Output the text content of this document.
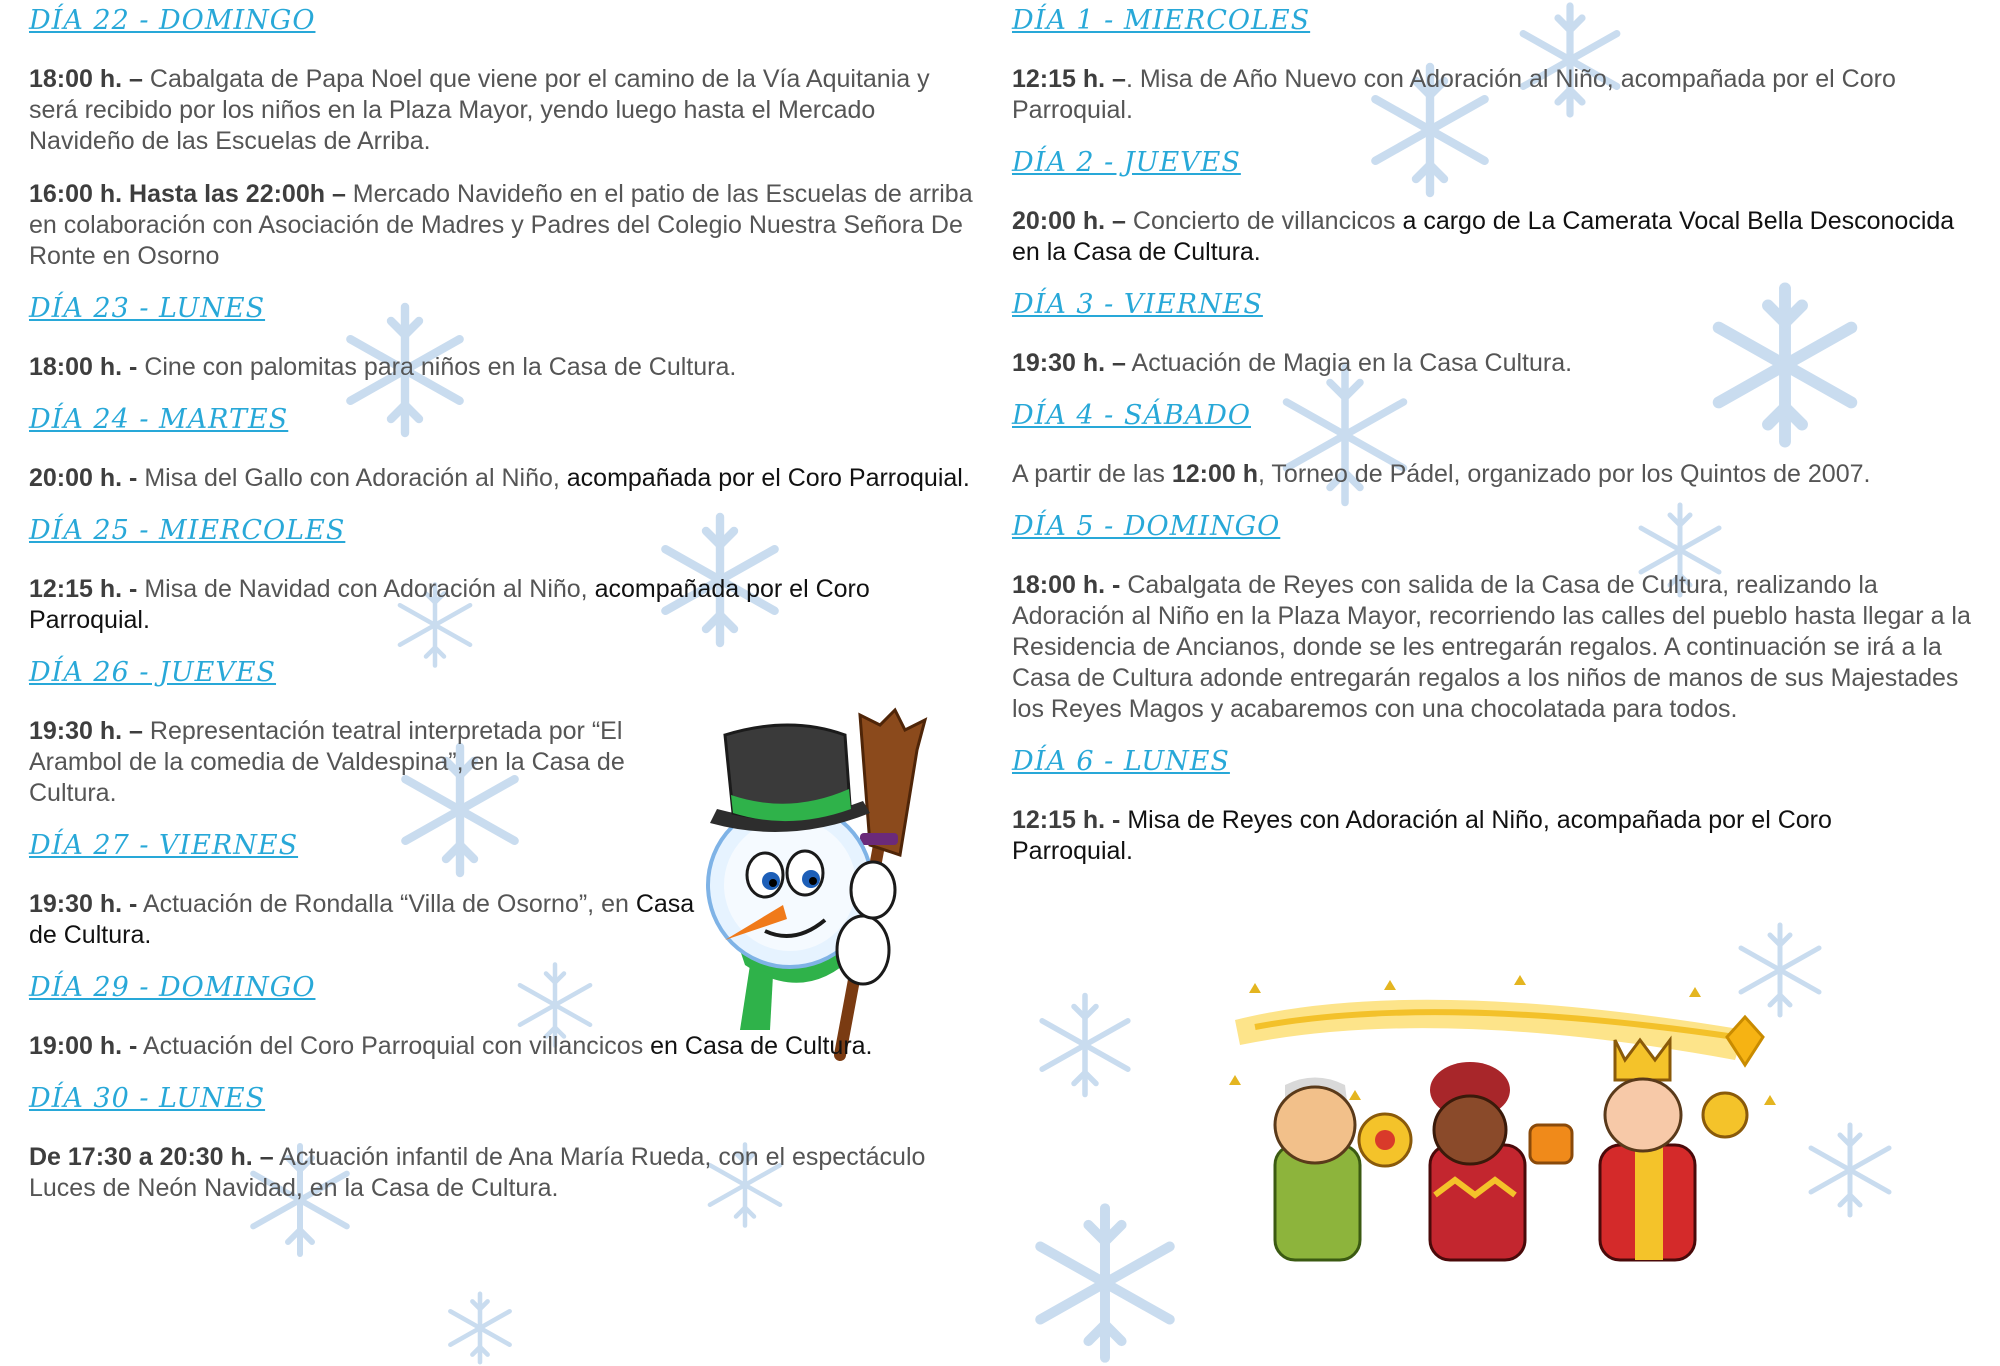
DÍA 22 - DOMINGO

18:00 h. – Cabalgata de Papa Noel que viene por el camino de la Vía Aquitania y será recibido por los niños en la Plaza Mayor, yendo luego hasta el Mercado Navideño de las Escuelas de Arriba.

16:00 h. Hasta las 22:00h – Mercado Navideño en el patio de las Escuelas de arriba en colaboración con Asociación de Madres y Padres del Colegio Nuestra Señora De Ronte en Osorno

DÍA 23 - LUNES

18:00 h. - Cine con palomitas para niños en la Casa de Cultura.

DÍA 24 - MARTES

20:00 h. - Misa del Gallo con Adoración al Niño, acompañada por el Coro Parroquial.

DÍA 25 - MIERCOLES

12:15 h. - Misa de Navidad con Adoración al Niño, acompañada por el Coro Parroquial.

DÍA 26 - JUEVES

19:30 h. – Representación teatral interpretada por “El Arambol de la comedia de Valdespina”, en la Casa de Cultura.

DÍA 27 - VIERNES

19:30 h. - Actuación de Rondalla “Villa de Osorno”, en Casa de Cultura.

DÍA 29 - DOMINGO

19:00 h. - Actuación del Coro Parroquial con villancicos en Casa de Cultura.

DÍA 30 - LUNES

De 17:30 a 20:30 h. – Actuación infantil de Ana María Rueda, con el espectáculo Luces de Neón Navidad, en la Casa de Cultura.

DÍA 1 - MIERCOLES

12:15 h. –. Misa de Año Nuevo con Adoración al Niño, acompañada por el Coro Parroquial.

DÍA 2 - JUEVES

20:00 h. – Concierto de villancicos a cargo de La Camerata Vocal Bella Desconocida en la Casa de Cultura.

DÍA 3 - VIERNES

19:30 h. – Actuación de Magia en la Casa Cultura.

DÍA 4 - SÁBADO

A partir de las 12:00 h, Torneo de Pádel, organizado por los Quintos de 2007.

DÍA 5 - DOMINGO

18:00 h. - Cabalgata de Reyes con salida de la Casa de Cultura, realizando la Adoración al Niño en la Plaza Mayor, recorriendo las calles del pueblo hasta llegar a la Residencia de Ancianos, donde se les entregarán regalos. A continuación se irá a la Casa de Cultura adonde entregarán regalos a los niños de manos de sus Majestades los Reyes Magos y acabaremos con una chocolatada para todos.

DÍA 6 - LUNES

12:15 h. - Misa de Reyes con Adoración al Niño, acompañada por el Coro Parroquial.
